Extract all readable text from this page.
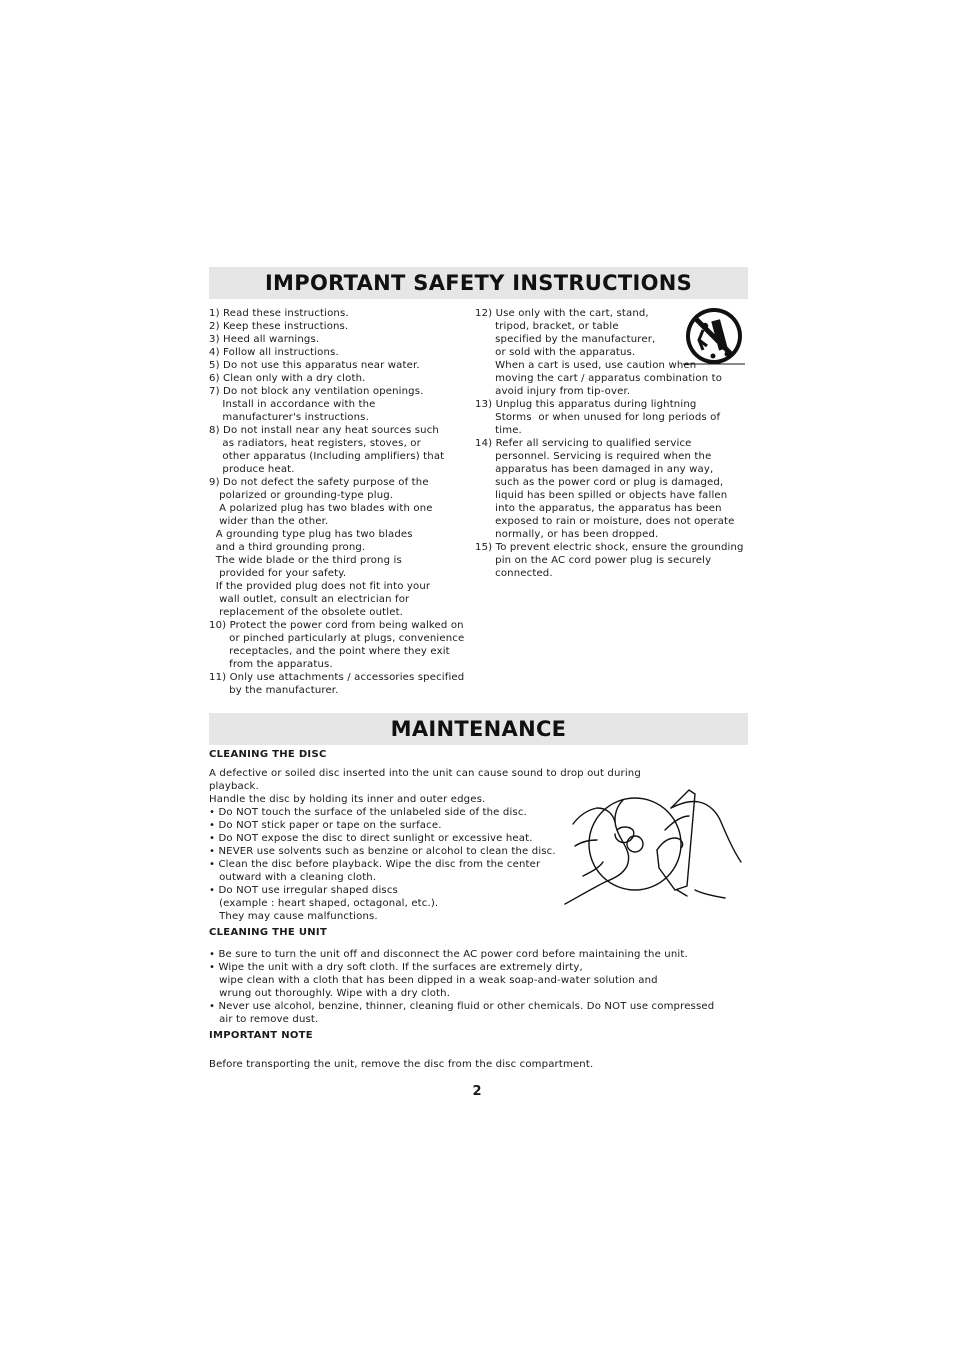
IMPORTANT SAFETY INSTRUCTIONS
1) Read these instructions.
2) Keep these instructions.
3) Heed all warnings.
4) Follow all instructions.
5) Do not use this apparatus near water.
6) Clean only with a dry cloth.
7) Do not block any ventilation openings.
Install in accordance with the
manufacturer's instructions.
8) Do not install near any heat sources such
as radiators, heat registers, stoves, or
other apparatus (Including amplifiers) that
produce heat.
9) Do not defect the safety purpose of the
polarized or grounding-type plug.
A polarized plug has two blades with one
wider than the other.
A grounding type plug has two blades
and a third grounding prong.
The wide blade or the third prong is
provided for your safety.
If the provided plug does not fit into your
wall outlet, consult an electrician for
replacement of the obsolete outlet.
10) Protect the power cord from being walked on
or pinched particularly at plugs, convenience
receptacles, and the point where they exit
from the apparatus.
11) Only use attachments / accessories specified
by the manufacturer.
12) Use only with the cart, stand,
tripod, bracket, or table
specified by the manufacturer,
or sold with the apparatus.
When a cart is used, use caution when
moving the cart / apparatus combination to
avoid injury from tip-over.
13) Unplug this apparatus during lightning
Storms  or when unused for long periods of
time.
14) Refer all servicing to qualified service
personnel. Servicing is required when the
apparatus has been damaged in any way,
such as the power cord or plug is damaged,
liquid has been spilled or objects have fallen
into the apparatus, the apparatus has been
exposed to rain or moisture, does not operate
normally, or has been dropped.
15) To prevent electric shock, ensure the grounding
pin on the AC cord power plug is securely
connected.
MAINTENANCE
CLEANING THE DISC
A defective or soiled disc inserted into the unit can cause sound to drop out during
playback.
Handle the disc by holding its inner and outer edges.
• Do NOT touch the surface of the unlabeled side of the disc.
• Do NOT stick paper or tape on the surface.
• Do NOT expose the disc to direct sunlight or excessive heat.
• NEVER use solvents such as benzine or alcohol to clean the disc.
• Clean the disc before playback. Wipe the disc from the center
outward with a cleaning cloth.
• Do NOT use irregular shaped discs
(example : heart shaped, octagonal, etc.).
They may cause malfunctions.
CLEANING THE UNIT
• Be sure to turn the unit off and disconnect the AC power cord before maintaining the unit.
• Wipe the unit with a dry soft cloth. If the surfaces are extremely dirty,
wipe clean with a cloth that has been dipped in a weak soap-and-water solution and
wrung out thoroughly. Wipe with a dry cloth.
• Never use alcohol, benzine, thinner, cleaning fluid or other chemicals. Do NOT use compressed
air to remove dust.
IMPORTANT NOTE
Before transporting the unit, remove the disc from the disc compartment.
2
